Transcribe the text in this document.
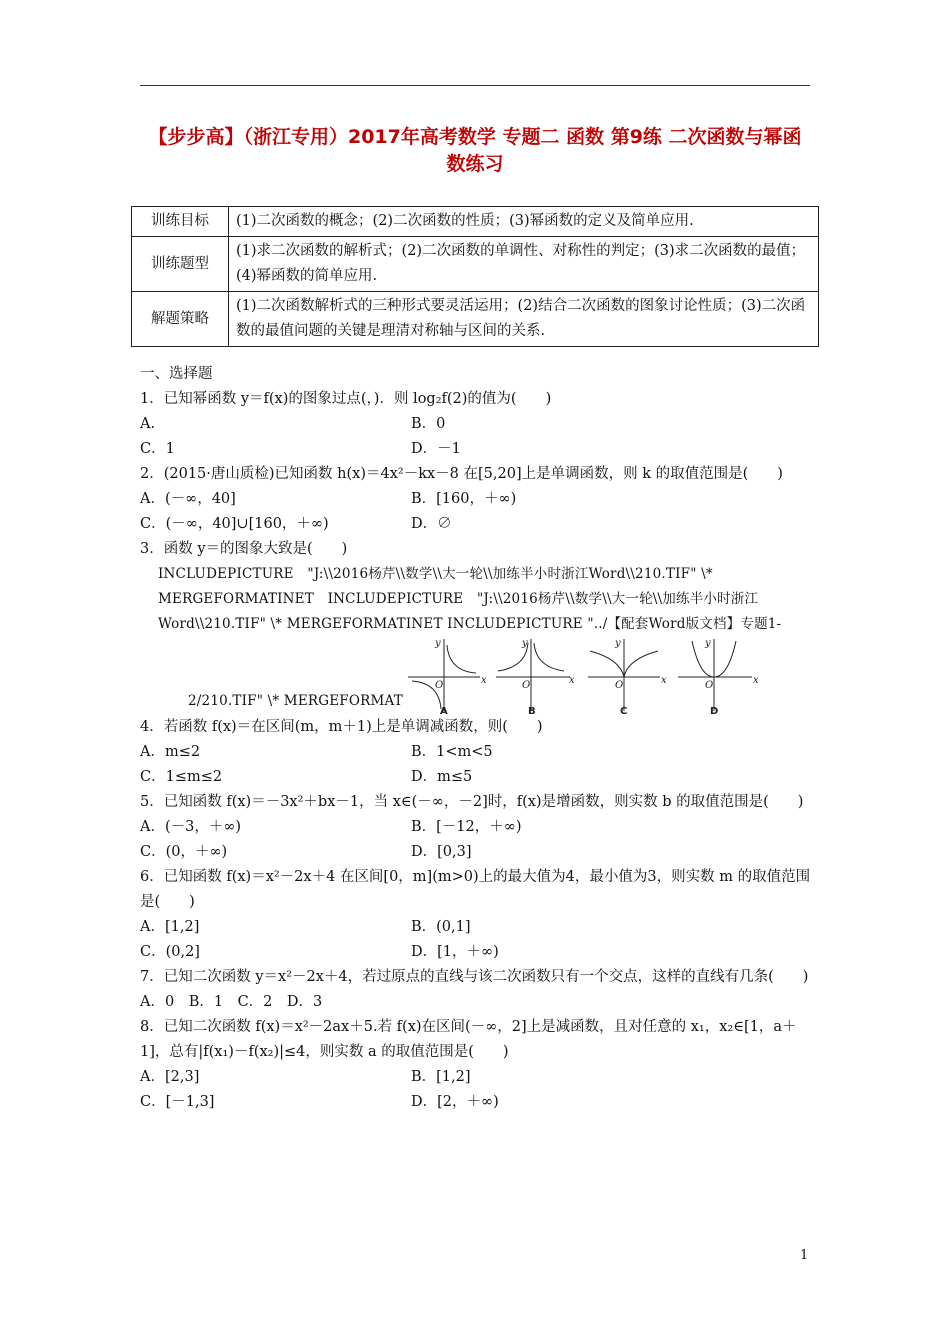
【步步高】（浙江专用）2017年高考数学 专题二 函数 第9练 二次函数与幂函数练习
训练目标	(1)二次函数的概念；(2)二次函数的性质；(3)幂函数的定义及简单应用.
训练题型	(1)求二次函数的解析式；(2)二次函数的单调性、对称性的判定；(3)求二次函数的最值；(4)幂函数的简单应用.
解题策略	(1)二次函数解析式的三种形式要灵活运用；(2)结合二次函数的图象讨论性质；(3)二次函数的最值问题的关键是理清对称轴与区间的关系.
一、选择题
1．已知幂函数 y＝f(x)的图象过点(，)．则 log₂f(2)的值为(　　)
A.	B．0
C．1	D．－1
2．(2015·唐山质检)已知函数 h(x)＝4x²－kx－8 在[5,20]上是单调函数，则 k 的取值范围是(　　)
A．(－∞，40]	B．[160，＋∞)
C．(－∞，40]∪[160，＋∞)	D．∅
3．函数 y＝的图象大致是(　　)
INCLUDEPICTURE　"J:\\2016杨芹\\数学\\大一轮\\加练半小时浙江Word\\210.TIF" \*
MERGEFORMATINET　INCLUDEPICTURE　"J:\\2016杨芹\\数学\\大一轮\\加练半小时浙江
Word\\210.TIF" \* MERGEFORMATINET INCLUDEPICTURE "../【配套Word版文档】专题1-
x
y
O	x
y
O	x
y
O	x
y
O
A	B	C	D
2/210.TIF" \* MERGEFORMAT
4．若函数 f(x)＝在区间(m，m＋1)上是单调减函数，则(　　)
A．m≤2	B．1<m<5
C．1≤m≤2	D．m≤5
5．已知函数 f(x)＝－3x²＋bx－1，当 x∈(－∞，－2]时，f(x)是增函数，则实数 b 的取值范围是(　　)
A．(－3，＋∞)	B．[－12，＋∞)
C．(0，＋∞)	D．[0,3]
6．已知函数 f(x)＝x²－2x＋4 在区间[0，m](m>0)上的最大值为4，最小值为3，则实数 m 的取值范围是(　　)
A．[1,2]	B．(0,1]
C．(0,2]	D．[1，＋∞)
7．已知二次函数 y＝x²－2x＋4，若过原点的直线与该二次函数只有一个交点，这样的直线有几条(　　)
A．0　B．1　C．2　D．3
8．已知二次函数 f(x)＝x²－2ax＋5.若 f(x)在区间(－∞，2]上是减函数，且对任意的 x₁，x₂∈[1，a＋1]，总有|f(x₁)－f(x₂)|≤4，则实数 a 的取值范围是(　　)
A．[2,3]	B．[1,2]
C．[－1,3]	D．[2，＋∞)
1
